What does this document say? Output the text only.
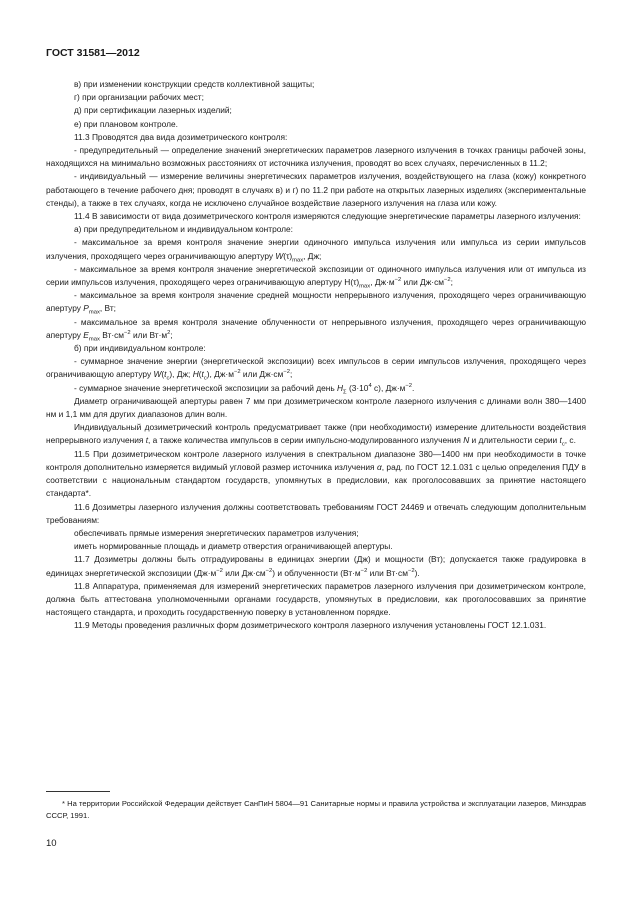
ГОСТ 31581—2012

в) при изменении конструкции средств коллективной защиты;

г) при организации рабочих мест;

д) при сертификации лазерных изделий;

е) при плановом контроле.

11.3 Проводятся два вида дозиметрического контроля:

- предупредительный — определение значений энергетических параметров лазерного излучения в точках границы рабочей зоны, находящихся на минимально возможных расстояниях от источника излучения, проводят во всех случаях, перечисленных в 11.2;

- индивидуальный — измерение величины энергетических параметров излучения, воздействующего на глаза (кожу) конкретного работающего в течение рабочего дня; проводят в случаях в) и г) по 11.2 при работе на открытых лазерных изделиях (экспериментальные стенды), а также в тех случаях, когда не исключено случайное воздействие лазерного излучения на глаза или кожу.

11.4 В зависимости от вида дозиметрического контроля измеряются следующие энергетические параметры лазерного излучения:

а) при предупредительном и индивидуальном контроле:

- максимальное за время контроля значение энергии одиночного импульса излучения или импульса из серии импульсов излучения, проходящего через ограничивающую апертуру $W(\tau)_{max}$, Дж;

- максимальное за время контроля значение энергетической экспозиции от одиночного импульса излучения или от импульса из серии импульсов излучения, проходящего через ограничивающую апертуру $H(\tau)_{max}$, $Дж\cdot м^{-2}$ или $Дж\cdot см^{-2}$;

- максимальное за время контроля значение средней мощности непрерывного излучения, проходящего через ограничивающую апертуру $P_{max}$, Вт;

- максимальное за время контроля значение облученности от непрерывного излучения, проходящего через ограничивающую апертуру $E_{max}$ $Вт\cdot см^{-2}$ или $Вт\cdot м^2$;

б) при индивидуальном контроле:

- суммарное значение энергии (энергетической экспозиции) всех импульсов в серии импульсов излучения, проходящего через ограничивающую апертуру $W(t_c)$, Дж; $H(t_c)$, $Дж\cdot м^{-2}$ или $Дж\cdot см^{-2}$;

- суммарное значение энергетической экспозиции за рабочий день $H_\Sigma$ ($3\cdot 10^4$ с), $Дж\cdot м^{-2}$.

Диаметр ограничивающей апертуры равен 7 мм при дозиметрическом контроле лазерного излучения с длинами волн 380—1400 нм и 1,1 мм для других диапазонов длин волн.

Индивидуальный дозиметрический контроль предусматривает также (при необходимости) измерение длительности воздействия непрерывного излучения t, а также количества импульсов в серии импульсно-модулированного излучения N и длительности серии $t_c$, с.

11.5 При дозиметрическом контроле лазерного излучения в спектральном диапазоне 380—1400 нм при необходимости в точке контроля дополнительно измеряется видимый угловой размер источника излучения α, рад. по ГОСТ 12.1.031 с целью определения ПДУ в соответствии с национальным стандартом государств, упомянутых в предисловии, как проголосовавших за принятие настоящего стандарта*.

11.6 Дозиметры лазерного излучения должны соответствовать требованиям ГОСТ 24469 и отвечать следующим дополнительным требованиям:

обеспечивать прямые измерения энергетических параметров излучения;

иметь нормированные площадь и диаметр отверстия ограничивающей апертуры.

11.7 Дозиметры должны быть отградуированы в единицах энергии (Дж) и мощности (Вт); допускается также градуировка в единицах энергетической экспозиции ($Дж\cdot м^{-2}$ или $Дж\cdot см^{-2}$) и облученности ($Вт\cdot м^{-2}$ или $Вт\cdot см^{-2}$).

11.8 Аппаратура, применяемая для измерений энергетических параметров лазерного излучения при дозиметрическом контроле, должна быть аттестована уполномоченными органами государств, упомянутых в предисловии, как проголосовавших за принятие настоящего стандарта, и проходить государственную поверку в установленном порядке.

11.9 Методы проведения различных форм дозиметрического контроля лазерного излучения установлены ГОСТ 12.1.031.

* На территории Российской Федерации действует СанПиН 5804—91 Санитарные нормы и правила устройства и эксплуатации лазеров, Минздрав СССР, 1991.

10
